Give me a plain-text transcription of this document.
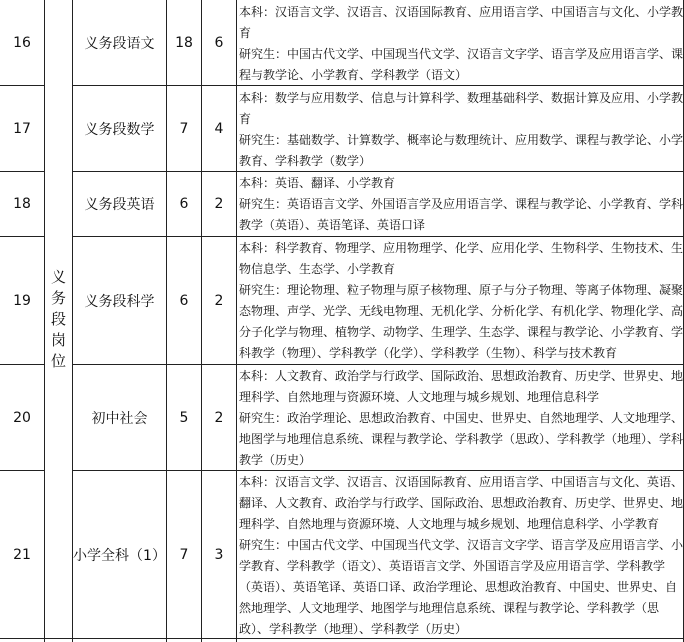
义务段岗位
16	义务段语文	18	6

本科：汉语言文学、汉语言、汉语国际教育、应用语言学、中国语言与文化、小学教育

研究生：中国古代文学、中国现当代文学、汉语言文字学、语言学及应用语言学、课程与教学论、小学教育、学科教学（语文）

17	义务段数学	7	4

本科：数学与应用数学、信息与计算科学、数理基础科学、数据计算及应用、小学教育

研究生：基础数学、计算数学、概率论与数理统计、应用数学、课程与教学论、小学教育、学科教学（数学）

18	义务段英语	6	2

本科：英语、翻译、小学教育

研究生：英语语言文学、外国语言学及应用语言学、课程与教学论、小学教育、学科教学（英语）、英语笔译、英语口译

19	义务段科学	6	2

本科：科学教育、物理学、应用物理学、化学、应用化学、生物科学、生物技术、生物信息学、生态学、小学教育

研究生：理论物理、粒子物理与原子核物理、原子与分子物理、等离子体物理、凝聚态物理、声学、光学、无线电物理、无机化学、分析化学、有机化学、物理化学、高分子化学与物理、植物学、动物学、生理学、生态学、课程与教学论、小学教育、学科教学（物理）、学科教学（化学）、学科教学（生物）、科学与技术教育

20	初中社会	5	2

本科：人文教育、政治学与行政学、国际政治、思想政治教育、历史学、世界史、地理科学、自然地理与资源环境、人文地理与城乡规划、地理信息科学

研究生：政治学理论、思想政治教育、中国史、世界史、自然地理学、人文地理学、地图学与地理信息系统、课程与教学论、学科教学（思政）、学科教学（地理）、学科教学（历史）

21	小学全科（1） 7	3

本科：汉语言文学、汉语言、汉语国际教育、应用语言学、中国语言与文化、英语、翻译、人文教育、政治学与行政学、国际政治、思想政治教育、历史学、世界史、地理科学、自然地理与资源环境、人文地理与城乡规划、地理信息科学、小学教育

研究生：中国古代文学、中国现当代文学、汉语言文字学、语言学及应用语言学、小学教育、学科教学（语文）、英语语言文学、外国语言学及应用语言学、学科教学（英语）、英语笔译、英语口译、政治学理论、思想政治教育、中国史、世界史、自然地理学、人文地理学、地图学与地理信息系统、课程与教学论、学科教学（思政）、学科教学（地理）、学科教学（历史）
